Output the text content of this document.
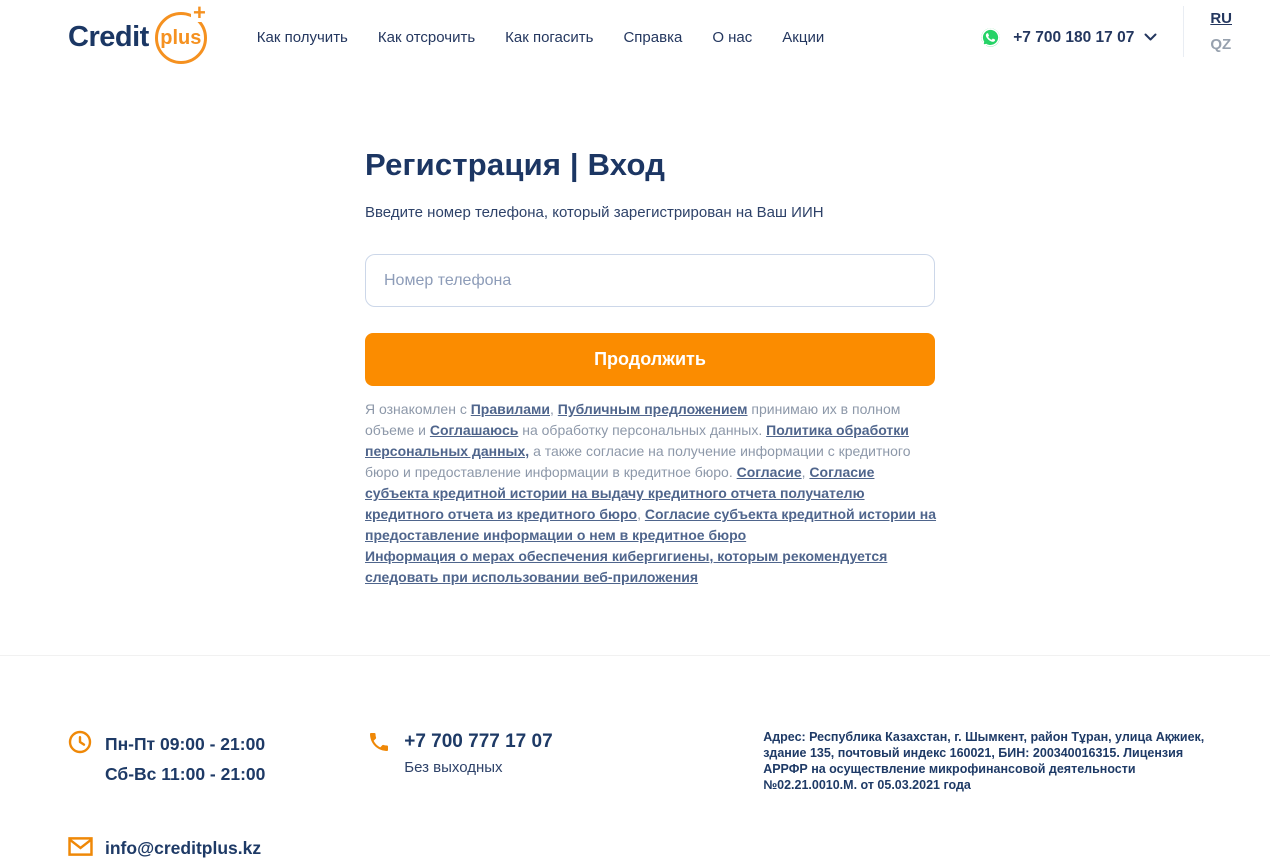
Credit plus
+
Как получить Как отсрочить Как погасить Справка О нас Акции	+7 700 180 17 07
RU
QZ
Регистрация | Вход
Введите номер телефона, который зарегистрирован на Ваш ИИН
Номер телефона Продолжить

Я ознакомлен с Правилами, Публичным предложением принимаю их в полном объеме и Соглашаюсь на обработку персональных данных. Политика обработки персональных данных, а также согласие на получение информации с кредитного бюро и предоставление информации в кредитное бюро. Согласие, Согласие субъекта кредитной истории на выдачу кредитного отчета получателю кредитного отчета из кредитного бюро, Согласие субъекта кредитной истории на предоставление информации о нем в кредитное бюро

Информация о мерах обеспечения кибергигиены, которым рекомендуется следовать при использовании веб-приложения

Пн-Пт 09:00 - 21:00
Сб-Вс 11:00 - 21:00
info@creditplus.kz
+7 700 777 17 07
Без выходных
Адрес: Республика Казахстан, г. Шымкент, район Тұран, улица Ақжиек, здание 135, почтовый индекс 160021, БИН: 200340016315. Лицензия АРРФР на осуществление микрофинансовой деятельности №02.21.0010.М. от 05.03.2021 года
